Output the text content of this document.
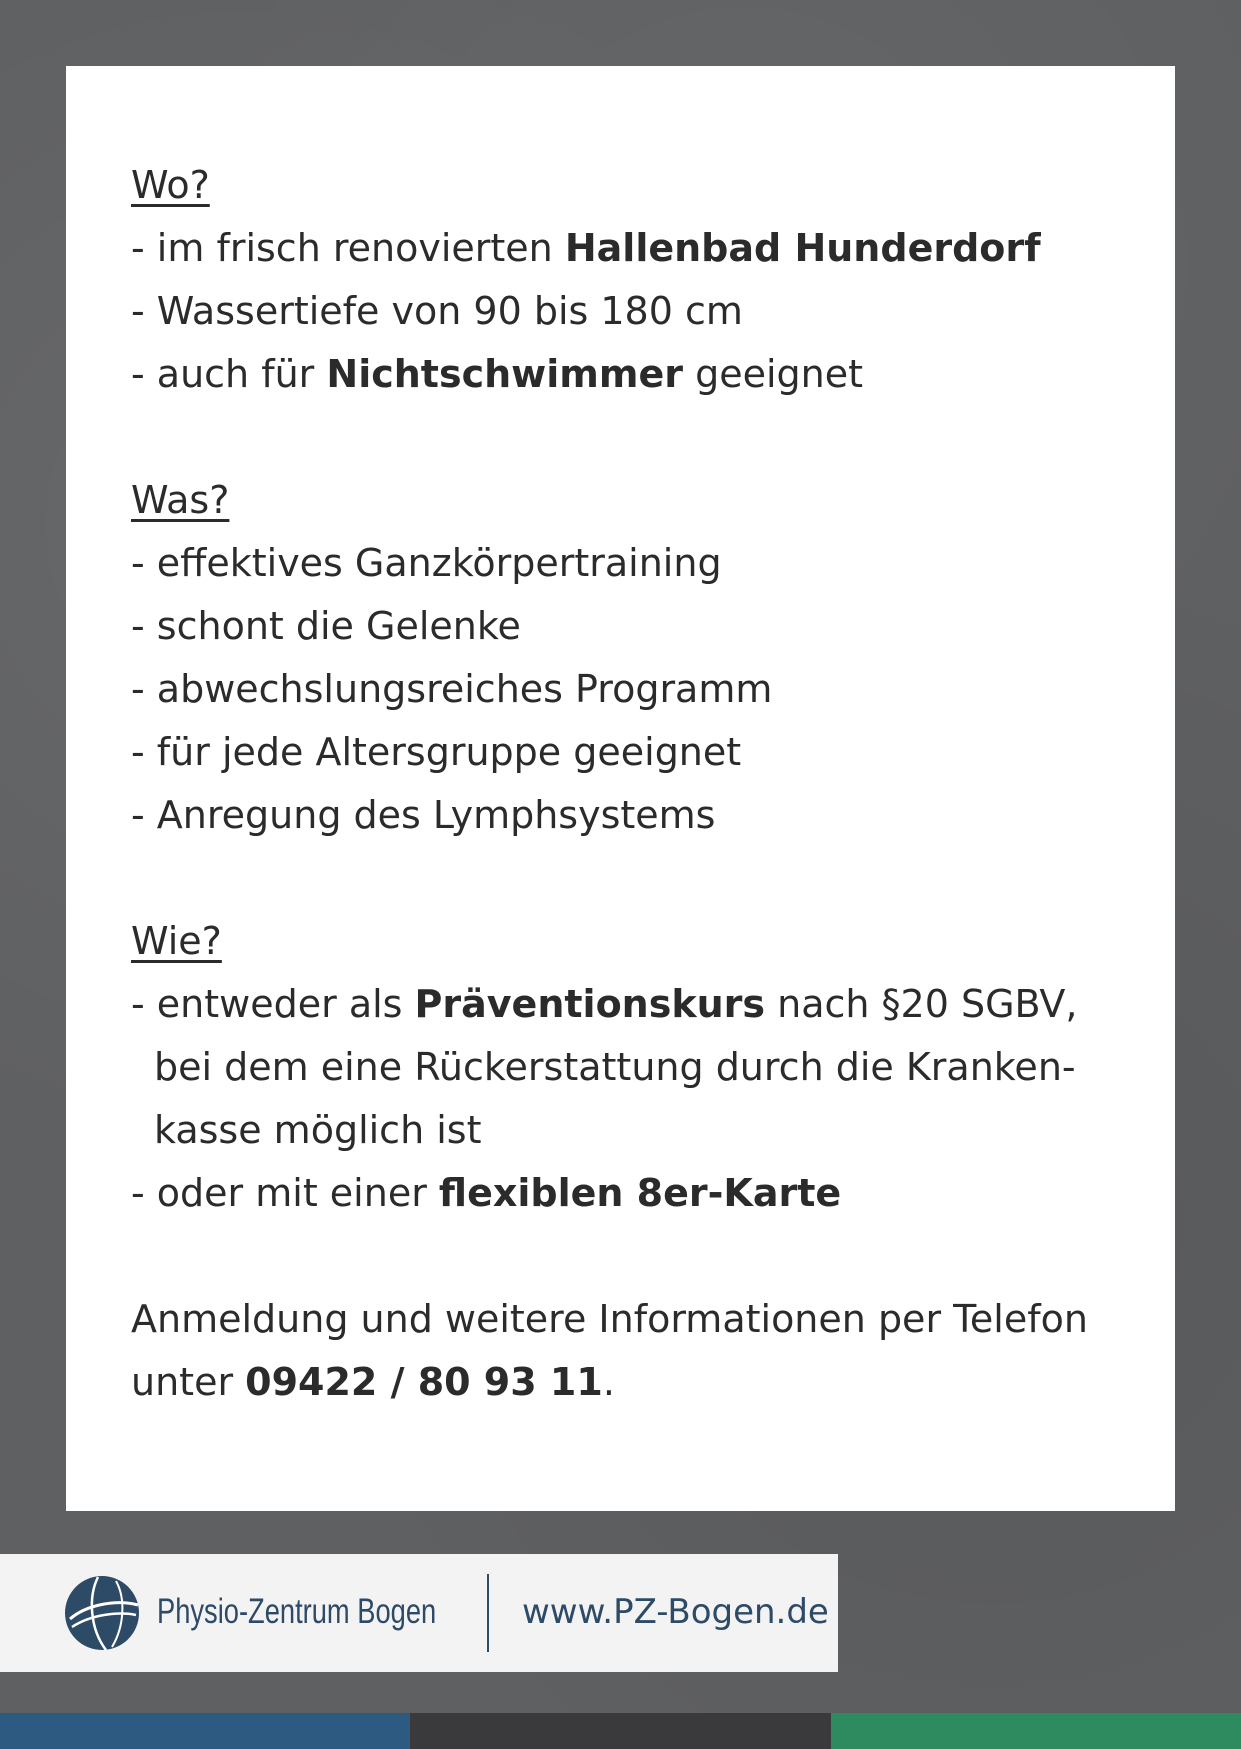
Wo?

- im frisch renovierten Hallenbad Hunderdorf

- Wassertiefe von 90 bis 180 cm

- auch für Nichtschwimmer geeignet

Was?

- effektives Ganzkörpertraining

- schont die Gelenke

- abwechslungsreiches Programm

- für jede Altersgruppe geeignet

- Anregung des Lymphsystems

Wie?

- entweder als Präventionskurs nach §20 SGBV,

bei dem eine Rückerstattung durch die Kranken-

kasse möglich ist

- oder mit einer flexiblen 8er-Karte

Anmeldung und weitere Informationen per Telefon

unter 09422 / 80 93 11.

Physio-Zentrum Bogen	www.PZ-Bogen.de
